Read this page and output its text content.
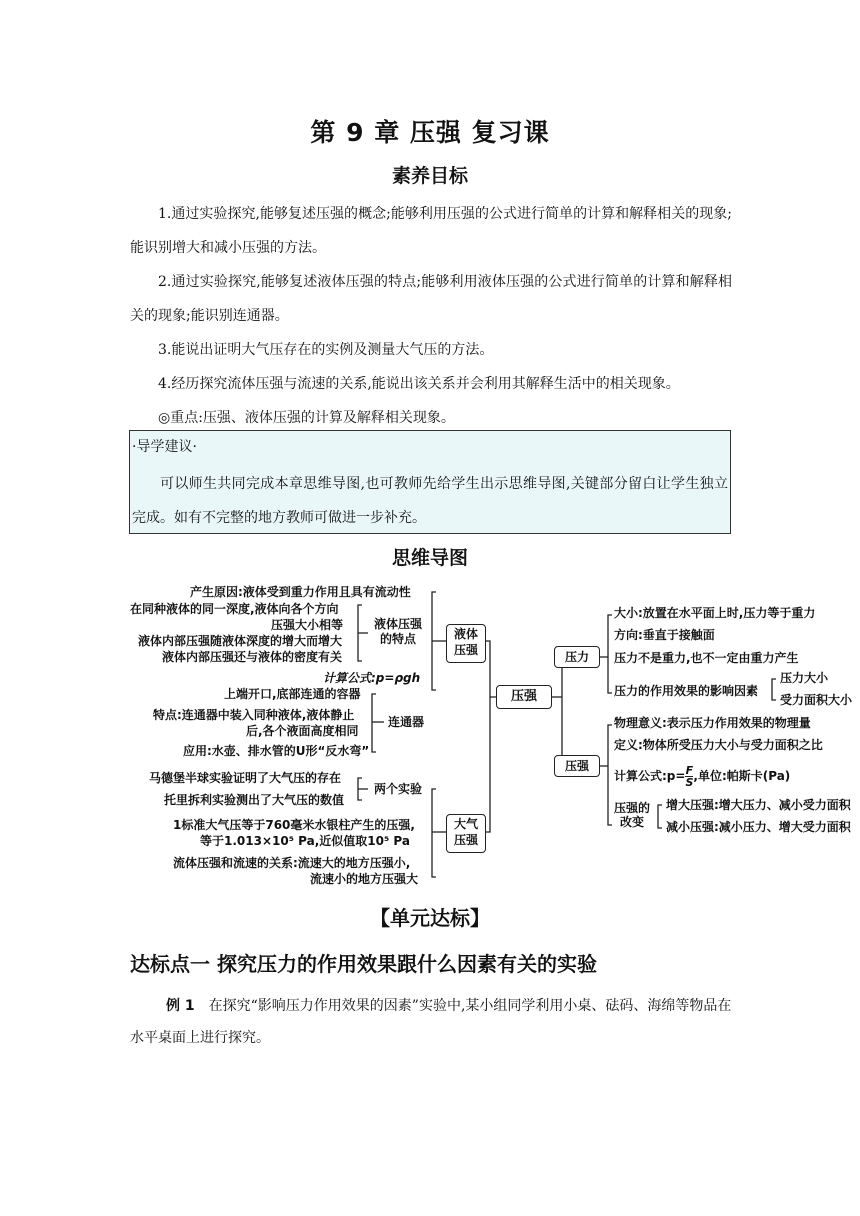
第 9 章 压强 复习课
素养目标
1.通过实验探究,能够复述压强的概念;能够利用压强的公式进行简单的计算和解释相关的现象;能识别增大和减小压强的方法。
2.通过实验探究,能够复述液体压强的特点;能够利用液体压强的公式进行简单的计算和解释相关的现象;能识别连通器。
3.能说出证明大气压存在的实例及测量大气压的方法。
4.经历探究流体压强与流速的关系,能说出该关系并会利用其解释生活中的相关现象。
◎重点:压强、液体压强的计算及解释相关现象。
·导学建议·
可以师生共同完成本章思维导图,也可教师先给学生出示思维导图,关键部分留白让学生独立完成。如有不完整的地方教师可做进一步补充。
思维导图
产生原因:液体受到重力作用且具有流动性
在同种液体的同一深度,液体向各个方向
压强大小相等
液体内部压强随液体深度的增大而增大
液体内部压强还与液体的密度有关
液体压强
的特点
计算公式:p=ρgh
上端开口,底部连通的容器
特点:连通器中装入同种液体,液体静止
后,各个液面高度相同
连通器
应用:水壶、排水管的U形“反水弯”
马德堡半球实验证明了大气压的存在
托里拆利实验测出了大气压的数值
两个实验
1标准大气压等于760毫米水银柱产生的压强,
等于1.013×10⁵ Pa,近似值取10⁵ Pa
流体压强和流速的关系:流速大的地方压强小,
流速小的地方压强大
液体
压强
大气
压强
压强
压力
压强
大小:放置在水平面上时,压力等于重力
方向:垂直于接触面
压力不是重力,也不一定由重力产生
压力的作用效果的影响因素
压力大小
受力面积大小
物理意义:表示压力作用效果的物理量
定义:物体所受压力大小与受力面积之比
计算公式:p= $\frac{F}{S}$ ,单位:帕斯卡(Pa)
压强的
改变
增大压强:增大压力、减小受力面积
减小压强:减小压力、增大受力面积
【单元达标】
达标点一 探究压力的作用效果跟什么因素有关的实验
例 1 在探究“影响压力作用效果的因素”实验中,某小组同学利用小桌、砝码、海绵等物品在水平桌面上进行探究。
